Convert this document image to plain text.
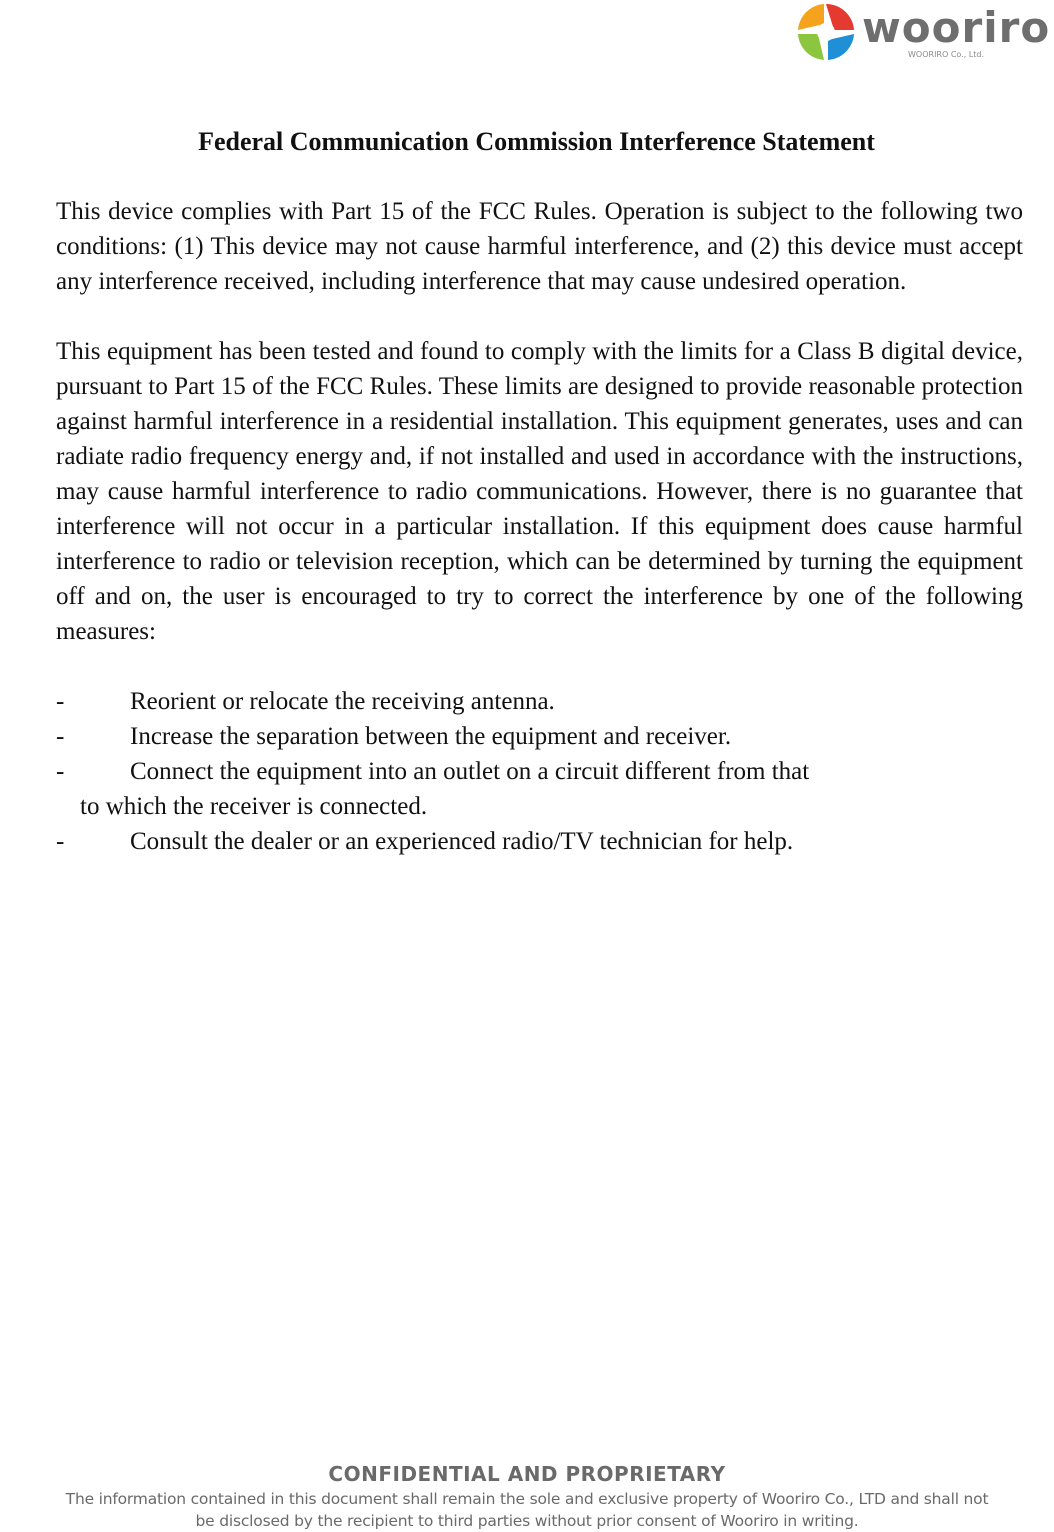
wooriro
WOORIRO Co., Ltd.
Federal Communication Commission Interference Statement

This device complies with Part 15 of the FCC Rules. Operation is subject to the following two conditions: (1) This device may not cause harmful interference, and (2) this device must accept any interference received, including interference that may cause undesired operation.

This equipment has been tested and found to comply with the limits for a Class B digital device, pursuant to Part 15 of the FCC Rules. These limits are designed to provide reasonable protection against harmful interference in a residential installation. This equipment generates, uses and can radiate radio frequency energy and, if not installed and used in accordance with the instructions, may cause harmful interference to radio communications. However, there is no guarantee that interference will not occur in a particular installation. If this equipment does cause harmful interference to radio or television reception, which can be determined by turning the equipment off and on, the user is encouraged to try to correct the interference by one of the following measures:

-	Reorient or relocate the receiving antenna.
-	Increase the separation between the equipment and receiver.
-	Connect the equipment into an outlet on a circuit different from that
to which the receiver is connected.
-	Consult the dealer or an experienced radio/TV technician for help.
CONFIDENTIAL AND PROPRIETARY
The information contained in this document shall remain the sole and exclusive property of Wooriro Co., LTD and shall not
be disclosed by the recipient to third parties without prior consent of Wooriro in writing.
